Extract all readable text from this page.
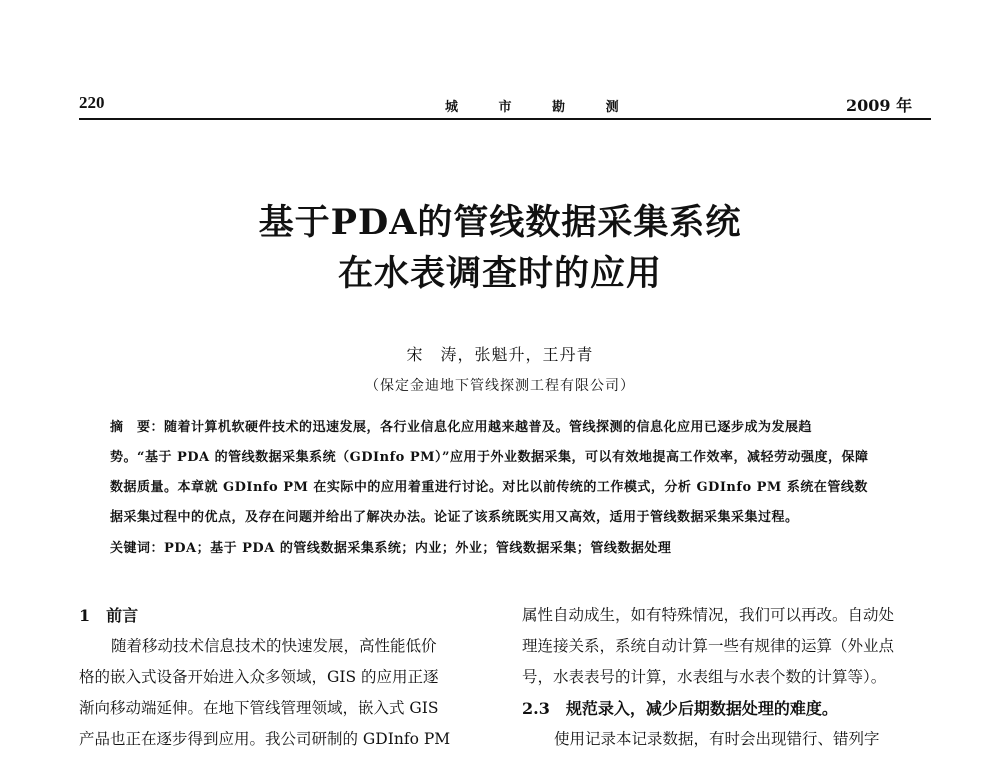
220	城 市 勘 测	2009 年
基于PDA的管线数据采集系统
在水表调查时的应用
宋　涛，张魁升，王丹青
（保定金迪地下管线探测工程有限公司）
摘　要：随着计算机软硬件技术的迅速发展，各行业信息化应用越来越普及。管线探测的信息化应用已逐步成为发展趋
势。“基于 PDA 的管线数据采集系统（GDInfo PM）”应用于外业数据采集，可以有效地提高工作效率，减轻劳动强度，保障
数据质量。本章就 GDInfo PM 在实际中的应用着重进行讨论。对比以前传统的工作模式，分析 GDInfo PM 系统在管线数
据采集过程中的优点，及存在问题并给出了解决办法。论证了该系统既实用又高效，适用于管线数据采集采集过程。
关键词：PDA；基于 PDA 的管线数据采集系统；内业；外业；管线数据采集；管线数据处理
1　前言
随着移动技术信息技术的快速发展，高性能低价
格的嵌入式设备开始进入众多领域，GIS 的应用正逐
渐向移动端延伸。在地下管线管理领域，嵌入式 GIS
产品也正在逐步得到应用。我公司研制的 GDInfo PM
属性自动成生，如有特殊情况，我们可以再改。自动处
理连接关系，系统自动计算一些有规律的运算（外业点
号，水表表号的计算，水表组与水表个数的计算等）。
2.3　规范录入，减少后期数据处理的难度。
使用记录本记录数据，有时会出现错行、错列字
